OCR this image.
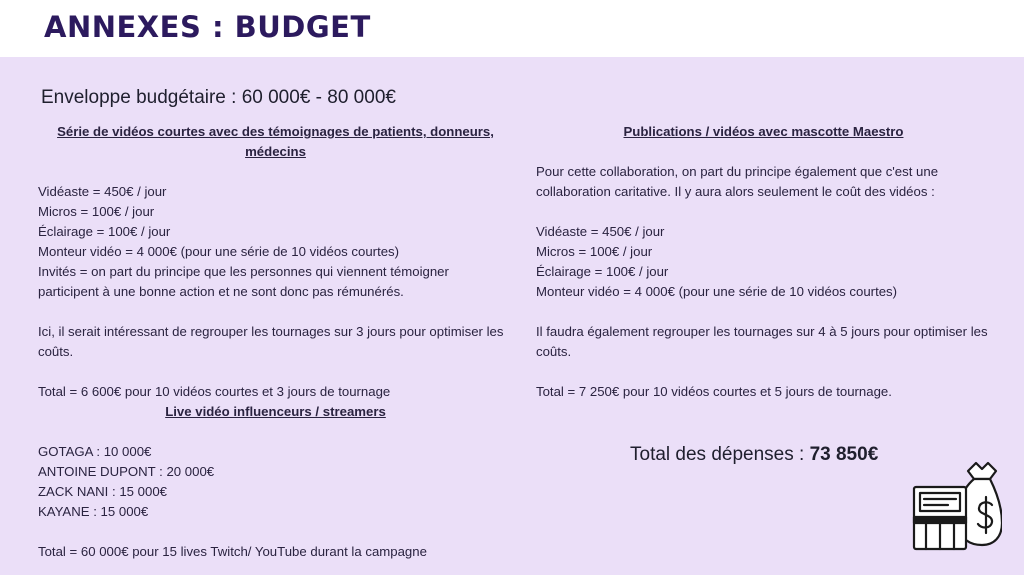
ANNEXES : BUDGET
Enveloppe budgétaire : 60 000€ - 80 000€

Série de vidéos courtes avec des témoignages de patients, donneurs, médecins

Vidéaste = 450€ / jour

Micros = 100€ / jour

Éclairage = 100€ / jour

Monteur vidéo = 4 000€ (pour une série de 10 vidéos courtes)

Invités = on part du principe que les personnes qui viennent témoigner participent à une bonne action et ne sont donc pas rémunérés.

Ici, il serait intéressant de regrouper les tournages sur 3 jours pour optimiser les coûts.

Total = 6 600€ pour 10 vidéos courtes et 3 jours de tournage

Live vidéo influenceurs / streamers

GOTAGA : 10 000€

ANTOINE DUPONT : 20 000€

ZACK NANI : 15 000€

KAYANE : 15 000€

Total = 60 000€ pour 15 lives Twitch/ YouTube durant la campagne

Publications / vidéos avec mascotte Maestro

Pour cette collaboration, on part du principe également que c'est une collaboration caritative. Il y aura alors seulement le coût des vidéos :

Vidéaste = 450€ / jour

Micros = 100€ / jour

Éclairage = 100€ / jour

Monteur vidéo = 4 000€ (pour une série de 10 vidéos courtes)

Il faudra également regrouper les tournages sur 4 à 5 jours pour optimiser les coûts.

Total = 7 250€ pour 10 vidéos courtes et 5 jours de tournage.

Total des dépenses : 73 850€
